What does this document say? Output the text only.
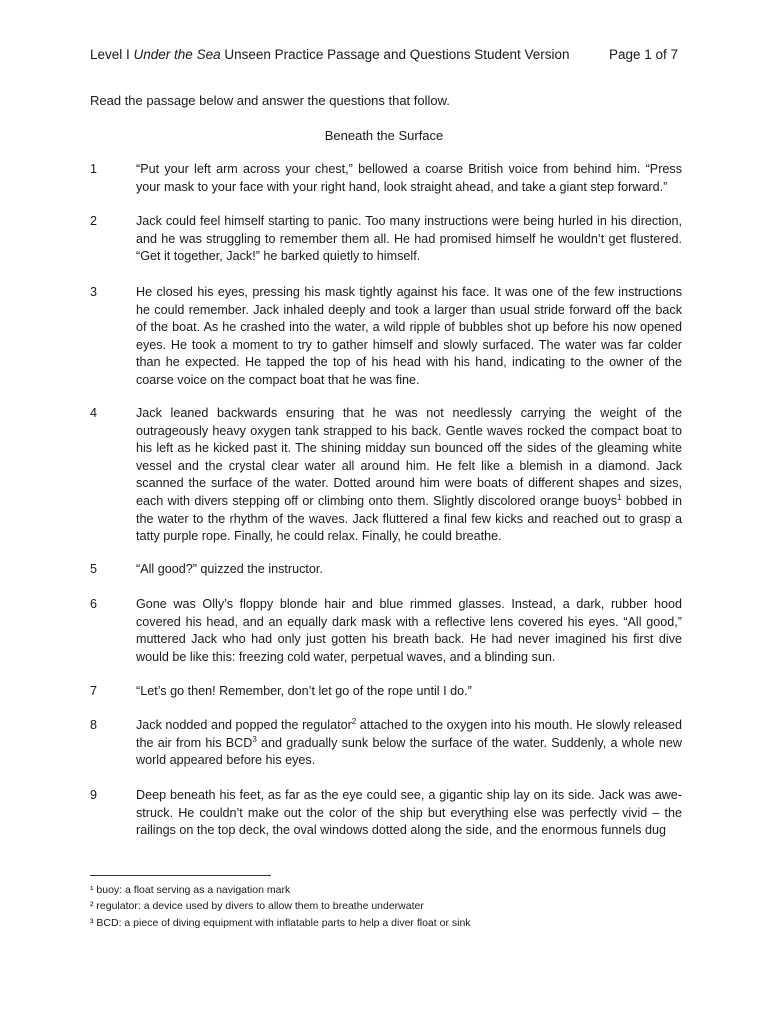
Level I Under the Sea Unseen Practice Passage and Questions Student Version	Page 1 of 7
Read the passage below and answer the questions that follow.
Beneath the Surface
1	“Put your left arm across your chest,” bellowed a coarse British voice from behind him. “Press your mask to your face with your right hand, look straight ahead, and take a giant step forward.”

2	Jack could feel himself starting to panic. Too many instructions were being hurled in his direction, and he was struggling to remember them all. He had promised himself he wouldn’t get flustered. “Get it together, Jack!” he barked quietly to himself.

3	He closed his eyes, pressing his mask tightly against his face. It was one of the few instructions he could remember. Jack inhaled deeply and took a larger than usual stride forward off the back of the boat. As he crashed into the water, a wild ripple of bubbles shot up before his now opened eyes. He took a moment to try to gather himself and slowly surfaced. The water was far colder than he expected. He tapped the top of his head with his hand, indicating to the owner of the coarse voice on the compact boat that he was fine.

4	Jack leaned backwards ensuring that he was not needlessly carrying the weight of the outrageously heavy oxygen tank strapped to his back. Gentle waves rocked the compact boat to his left as he kicked past it. The shining midday sun bounced off the sides of the gleaming white vessel and the crystal clear water all around him. He felt like a blemish in a diamond. Jack scanned the surface of the water. Dotted around him were boats of different shapes and sizes, each with divers stepping off or climbing onto them. Slightly discolored orange buoys$^1$ bobbed in the water to the rhythm of the waves. Jack fluttered a final few kicks and reached out to grasp a tatty purple rope. Finally, he could relax. Finally, he could breathe.

5	“All good?” quizzed the instructor.

6	Gone was Olly’s floppy blonde hair and blue rimmed glasses. Instead, a dark, rubber hood covered his head, and an equally dark mask with a reflective lens covered his eyes. “All good,” muttered Jack who had only just gotten his breath back. He had never imagined his first dive would be like this: freezing cold water, perpetual waves, and a blinding sun.

7	“Let’s go then! Remember, don’t let go of the rope until I do.”

8	Jack nodded and popped the regulator$^2$ attached to the oxygen into his mouth. He slowly released the air from his BCD$^3$ and gradually sunk below the surface of the water. Suddenly, a whole new world appeared before his eyes.

9	Deep beneath his feet, as far as the eye could see, a gigantic ship lay on its side. Jack was awe-struck. He couldn’t make out the color of the ship but everything else was perfectly vivid – the railings on the top deck, the oval windows dotted along the side, and the enormous funnels dug

¹ buoy: a float serving as a navigation mark
² regulator: a device used by divers to allow them to breathe underwater
³ BCD: a piece of diving equipment with inflatable parts to help a diver float or sink
